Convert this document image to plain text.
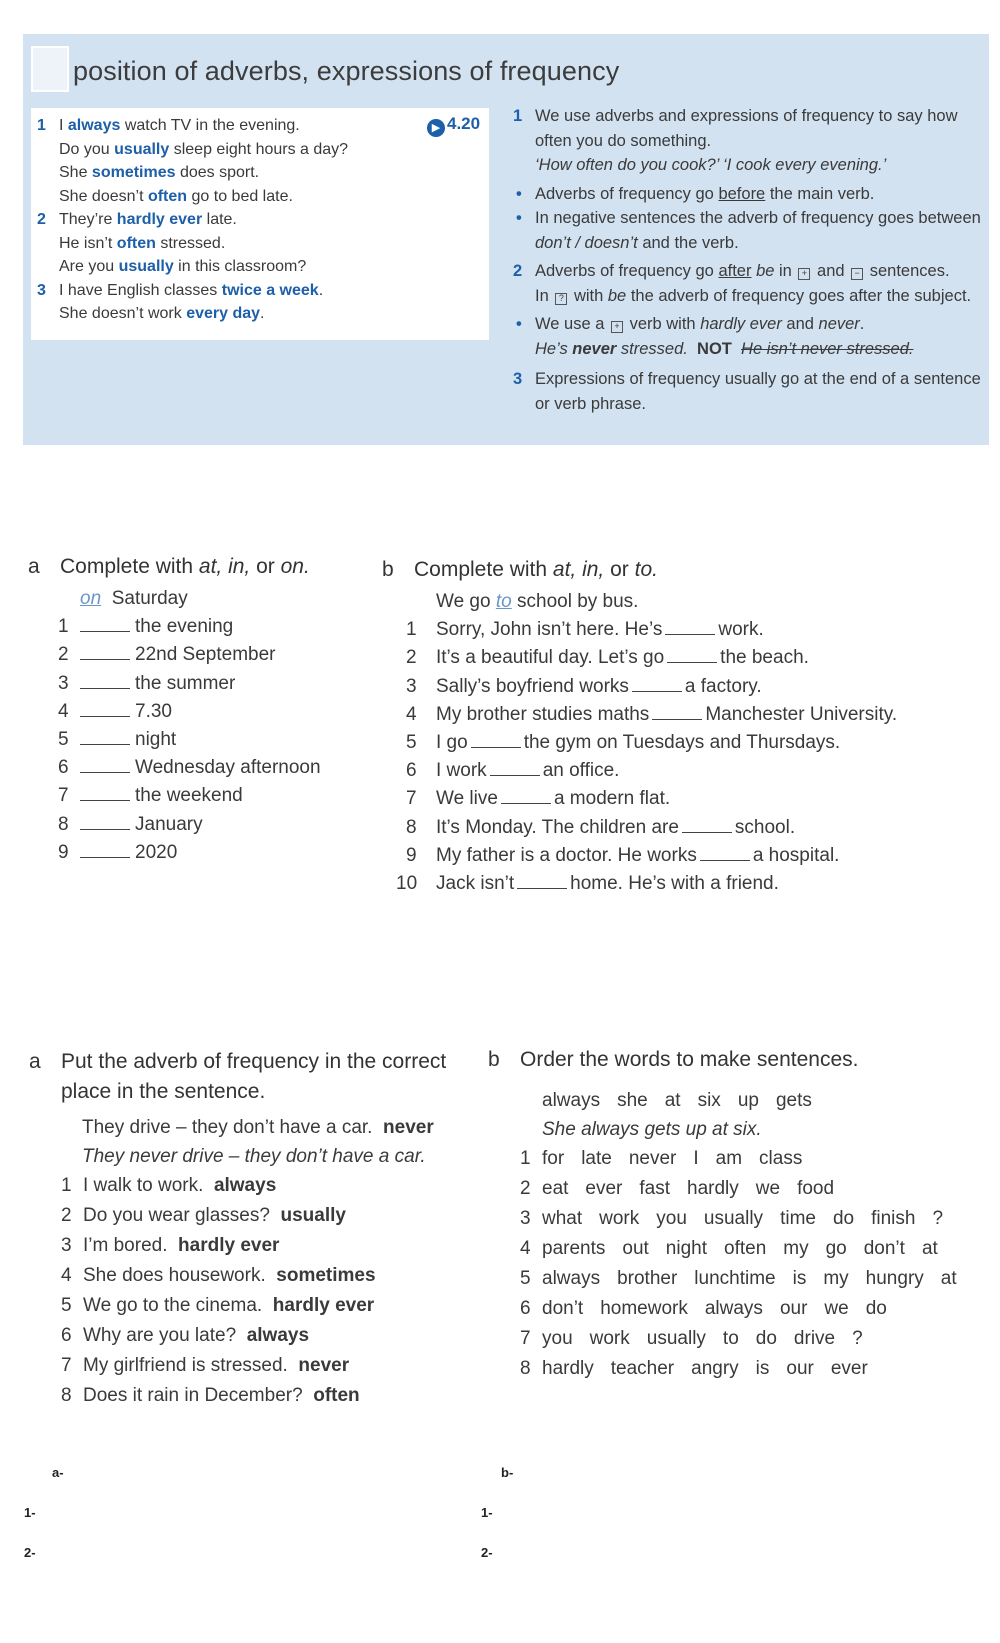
position of adverbs, expressions of frequency
▶ 4.20
1 I always watch TV in the evening.
Do you usually sleep eight hours a day?
She sometimes does sport.
She doesn’t often go to bed late.
2 They’re hardly ever late.
He isn’t often stressed.
Are you usually in this classroom?
3 I have English classes twice a week.
She doesn’t work every day.

1 We use adverbs and expressions of frequency to say how often you do something.

‘How often do you cook?’ ‘I cook every evening.’

• Adverbs of frequency go before the main verb.

• In negative sentences the adverb of frequency goes between don’t / doesn’t and the verb.

2 Adverbs of frequency go after be in + and − sentences.
In ? with be the adverb of frequency goes after the subject.

• We use a + verb with hardly ever and never.
He’s never stressed. NOT He isn’t never stressed.

3 Expressions of frequency usually go at the end of a sentence or verb phrase.

a Complete with at, in, or on.
on Saturday
1	the evening
2	22nd September
3	the summer
4	7.30
5	night
6	Wednesday afternoon
7	the weekend
8	January
9	2020
b Complete with at, in, or to.
We go to school by bus.
1 Sorry, John isn’t here. He’s	work.
2 It’s a beautiful day. Let’s go	the beach.
3 Sally’s boyfriend works	a factory.
4 My brother studies maths	Manchester University.
5 I go	the gym on Tuesdays and Thursdays.
6 I work	an office.
7 We live	a modern flat.
8 It’s Monday. The children are	school.
9 My father is a doctor. He works	a hospital.
10 Jack isn’t	home. He’s with a friend.
a Put the adverb of frequency in the correct
place in the sentence.
They drive – they don’t have a car. never
They never drive – they don’t have a car.
1 I walk to work. always
2 Do you wear glasses? usually
3 I’m bored. hardly ever
4 She does housework. sometimes
5 We go to the cinema. hardly ever
6 Why are you late? always
7 My girlfriend is stressed. never
8 Does it rain in December? often
b Order the words to make sentences.
always she at six up gets
She always gets up at six.
1 for late never I am class
2 eat ever fast hardly we food
3 what work you usually time do finish ?
4 parents out night often my go don’t at
5 always brother lunchtime is my hungry at
6 don’t homework always our we do
7 you work usually to do drive ?
8 hardly teacher angry is our ever
a-	b-
1-	1-
2-	2-
